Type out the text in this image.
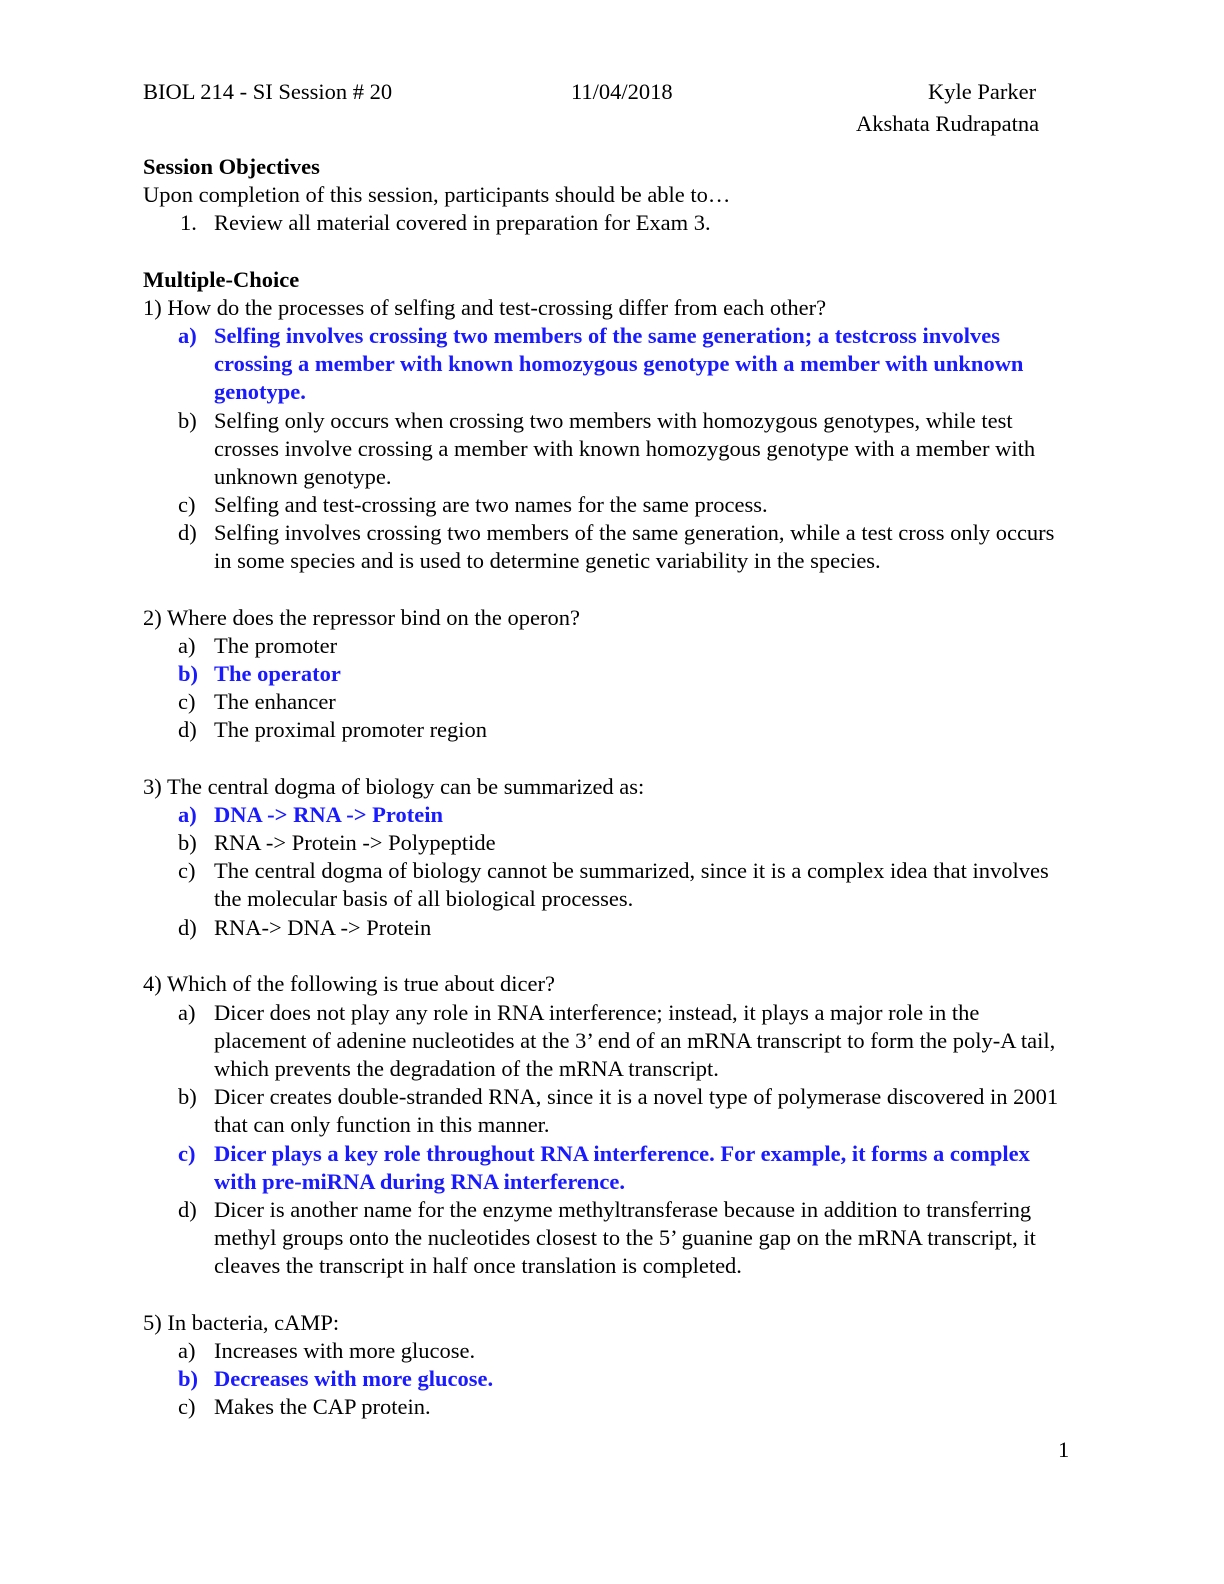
BIOL 214 - SI Session # 20	11/04/2018	Kyle Parker
Akshata Rudrapatna
Session Objectives
Upon completion of this session, participants should be able to…
1. Review all material covered in preparation for Exam 3.
Multiple-Choice
1) How do the processes of selfing and test-crossing differ from each other?
a) Selfing involves crossing two members of the same generation; a testcross involves crossing a member with known homozygous genotype with a member with unknown genotype.
b) Selfing only occurs when crossing two members with homozygous genotypes, while test crosses involve crossing a member with known homozygous genotype with a member with unknown genotype.
c) Selfing and test-crossing are two names for the same process.
d) Selfing involves crossing two members of the same generation, while a test cross only occurs in some species and is used to determine genetic variability in the species.
2) Where does the repressor bind on the operon?
a) The promoter
b) The operator
c) The enhancer
d) The proximal promoter region
3) The central dogma of biology can be summarized as:
a) DNA -> RNA -> Protein
b) RNA -> Protein -> Polypeptide
c) The central dogma of biology cannot be summarized, since it is a complex idea that involves the molecular basis of all biological processes.
d) RNA-> DNA -> Protein
4) Which of the following is true about dicer?
a) Dicer does not play any role in RNA interference; instead, it plays a major role in the placement of adenine nucleotides at the 3’ end of an mRNA transcript to form the poly-A tail, which prevents the degradation of the mRNA transcript.
b) Dicer creates double-stranded RNA, since it is a novel type of polymerase discovered in 2001 that can only function in this manner.
c) Dicer plays a key role throughout RNA interference. For example, it forms a complex with pre-miRNA during RNA interference.
d) Dicer is another name for the enzyme methyltransferase because in addition to transferring methyl groups onto the nucleotides closest to the 5’ guanine gap on the mRNA transcript, it cleaves the transcript in half once translation is completed.
5) In bacteria, cAMP:
a) Increases with more glucose.
b) Decreases with more glucose.
c) Makes the CAP protein.
1
